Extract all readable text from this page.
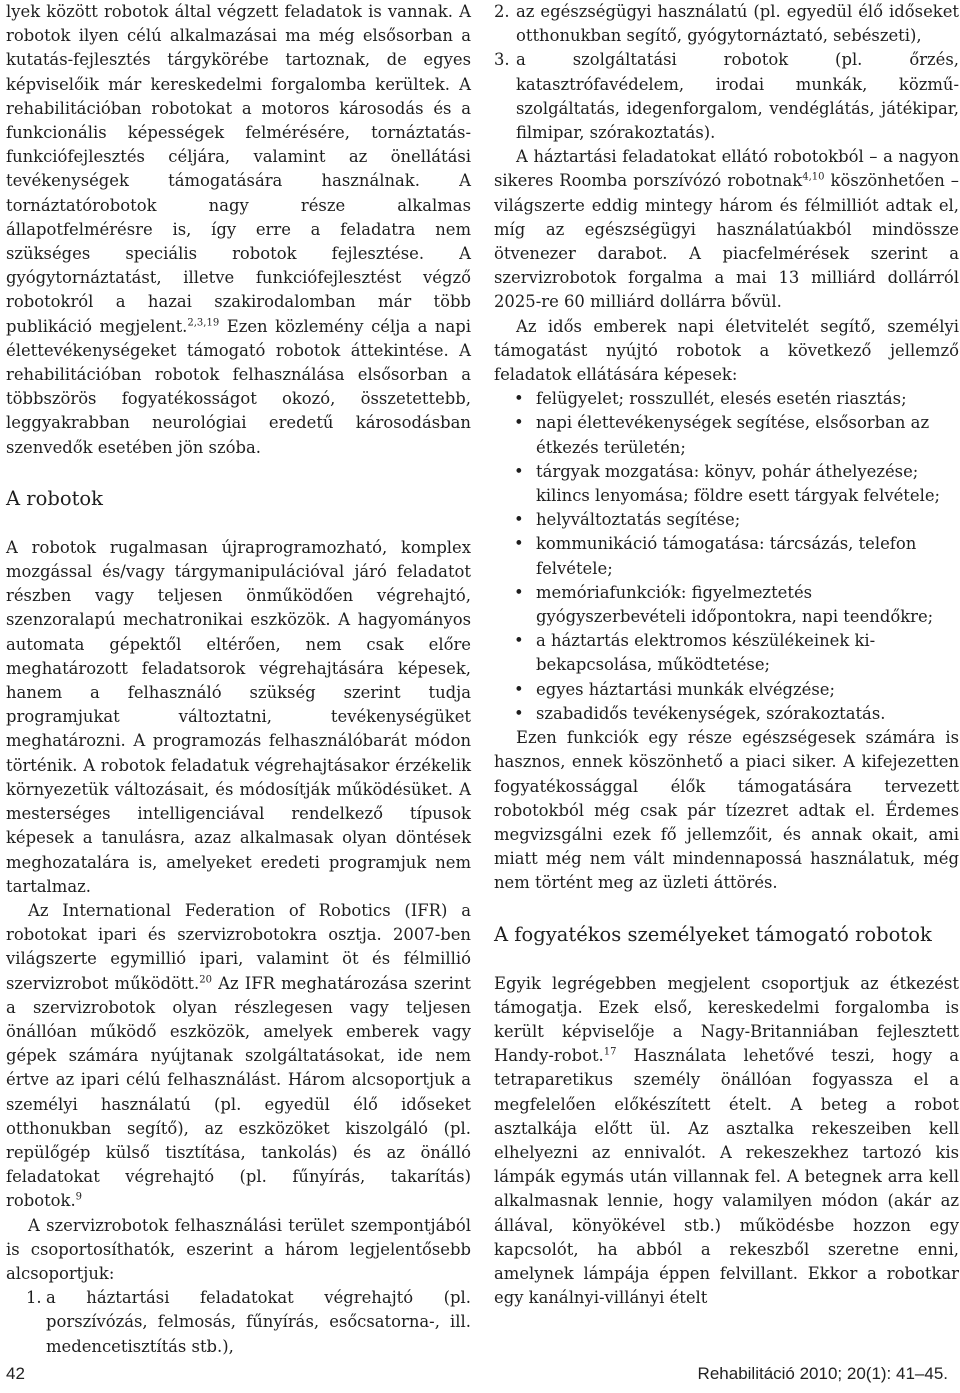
lyek között robotok által végzett feladatok is vannak. A robotok ilyen célú alkalmazásai ma még elsősorban a kutatás-fejlesztés tárgykörébe tartoznak, de egyes képviselőik már kereskedelmi forgalomba kerültek. A rehabilitációban robotokat a motoros károsodás és a funkcionális képességek felmérésére, tornáztatás-funkciófejlesztés céljára, valamint az önellátási tevékenységek támogatására használnak. A tornáztatórobotok nagy része alkalmas állapotfelmérésre is, így erre a feladatra nem szükséges speciális robotok fejlesztése. A gyógytornáztatást, illetve funkciófejlesztést végző robotokról a hazai szakirodalomban már több publikáció megjelent.$^{2,3,19}$ Ezen közlemény célja a napi élettevékenységeket támogató robotok áttekintése. A rehabilitációban robotok felhasználása elsősorban a többszörös fogyatékosságot okozó, összetettebb, leggyakrabban neurológiai eredetű károsodásban szenvedők esetében jön szóba.

A robotok

A robotok rugalmasan újraprogramozható, komplex mozgással és/vagy tárgymanipulációval járó feladatot részben vagy teljesen önműködően végrehajtó, szenzoralapú mechatronikai eszközök. A hagyományos automata gépektől eltérően, nem csak előre meghatározott feladatsorok végrehajtására képesek, hanem a felhasználó szükség szerint tudja programjukat változtatni, tevékenységüket meghatározni. A programozás felhasználóbarát módon történik. A robotok feladatuk végrehajtásakor érzékelik környezetük változásait, és módosítják működésüket. A mesterséges intelligenciával rendelkező típusok képesek a tanulásra, azaz alkalmasak olyan döntések meghozatalára is, amelyeket eredeti programjuk nem tartalmaz.

Az International Federation of Robotics (IFR) a robotokat ipari és szervizrobotokra osztja. 2007-ben világszerte egymillió ipari, valamint öt és félmillió szervizrobot működött.$^{20}$ Az IFR meghatározása szerint a szervizrobotok olyan részlegesen vagy teljesen önállóan működő eszközök, amelyek emberek vagy gépek számára nyújtanak szolgáltatásokat, ide nem értve az ipari célú felhasználást. Három alcsoportjuk a személyi használatú (pl. egyedül élő időseket otthonukban segítő), az eszközöket kiszolgáló (pl. repülőgép külső tisztítása, tankolás) és az önálló feladatokat végrehajtó (pl. fűnyírás, takarítás) robotok.$^9$

A szervizrobotok felhasználási terület szempontjából is csoportosíthatók, eszerint a három legjelentősebb alcsoportjuk:

1. a háztartási feladatokat végrehajtó (pl. porszívózás, felmosás, fűnyírás, esőcsatorna-, ill. medencetisztítás stb.),
2. az egészségügyi használatú (pl. egyedül élő időseket otthonukban segítő, gyógytornáztató, sebészeti),
3. a szolgáltatási robotok (pl. őrzés, katasztrófavédelem, irodai munkák, közmű-szolgáltatás, idegenforgalom, vendéglátás, játékipar, filmipar, szórakoztatás).

A háztartási feladatokat ellátó robotokból – a nagyon sikeres Roomba porszívózó robotnak$^{4,10}$ köszönhetően – világszerte eddig mintegy három és félmilliót adtak el, míg az egészségügyi használatúakból mindössze ötvenezer darabot. A piacfelmérések szerint a szervizrobotok forgalma a mai 13 milliárd dollárról 2025-re 60 milliárd dollárra bővül.

Az idős emberek napi életvitelét segítő, személyi támogatást nyújtó robotok a következő jellemző feladatok ellátására képesek:

• felügyelet; rosszullét, elesés esetén riasztás;
• napi élettevékenységek segítése, elsősorban az étkezés területén;
• tárgyak mozgatása: könyv, pohár áthelyezése; kilincs lenyomása; földre esett tárgyak felvétele;
• helyváltoztatás segítése;
• kommunikáció támogatása: tárcsázás, telefon felvétele;
• memóriafunkciók: figyelmeztetés gyógyszerbevételi időpontokra, napi teendőkre;
• a háztartás elektromos készülékeinek ki-bekapcsolása, működtetése;
• egyes háztartási munkák elvégzése;
• szabadidős tevékenységek, szórakoztatás.

Ezen funkciók egy része egészségesek számára is hasznos, ennek köszönhető a piaci siker. A kifejezetten fogyatékossággal élők támogatására tervezett robotokból még csak pár tízezret adtak el. Érdemes megvizsgálni ezek fő jellemzőit, és annak okait, ami miatt még nem vált mindennapossá használatuk, még nem történt meg az üzleti áttörés.

A fogyatékos személyeket támogató robotok

Egyik legrégebben megjelent csoportjuk az étkezést támogatja. Ezek első, kereskedelmi forgalomba is került képviselője a Nagy-Britanniában fejlesztett Handy-robot.$^{17}$ Használata lehetővé teszi, hogy a tetraparetikus személy önállóan fogyassza el a megfelelően előkészített ételt. A beteg a robot asztalkája előtt ül. Az asztalka rekeszeiben kell elhelyezni az ennivalót. A rekeszekhez tartozó kis lámpák egymás után villannak fel. A betegnek arra kell alkalmasnak lennie, hogy valamilyen módon (akár az állával, könyökével stb.) működésbe hozzon egy kapcsolót, ha abból a rekeszből szeretne enni, amelynek lámpája éppen felvillant. Ekkor a robotkar egy kanálnyi-villányi ételt

42	Rehabilitáció 2010; 20(1): 41–45.
